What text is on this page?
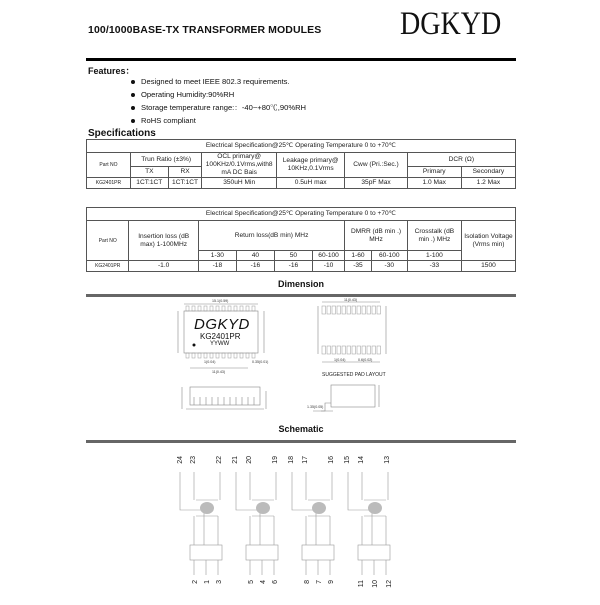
100/1000BASE-TX TRANSFORMER MODULES DGKYD
Features：
Designed to meet IEEE 802.3 requirements.
Operating Humidity:90%RH
Storage temperature range:：-40~+80℃,90%RH
RoHS compliant
Specifications
Electrical Specification@25℃ Operating Temperature 0 to +70℃							
Part NO	Trun Ratio (±3%)		OCL primary@ 100KHz/0.1Vrms,with8 mA DC Bais	Leakage primary@ 10KHz,0.1Vrms	Cww (Pri.:Sec.)	DCR (Ω)	
	TX	RX				Primary	Secondary
KG2401PR	1CT:1CT	1CT:1CT	350uH Min	0.5uH max	35pF Max	1.0 Max	1.2 Max
Electrical Specification@25℃ Operating Temperature 0 to +70℃									
Part NO	Insertion loss (dB max) 1-100MHz	Return loss(dB min) MHz				DMRR (dB min .) MHz		Crosstalk (dB min .) MHz	Isolation Voltage (Vrms min)
		1-30	40	50	60-100	1-60	60-100	1-100	
KG2401PR	-1.0	-18	-16	-16	-10	-35	-30	-33	1500
Dimension
DGKYD
KG2401PR
YYWW
15.1(0.59)
1(0.04)
11(0.43)
0.35(0.01)
11(0.43)
1(0.04)	0.6(0.02)
SUGGESTED PAD LAYOUT
1.35(0.05)
Schematic
24 23	22 21 20	19 18 17	16 15 14	13
2 1 3	5 4 6	8 7 9	11 10 12
